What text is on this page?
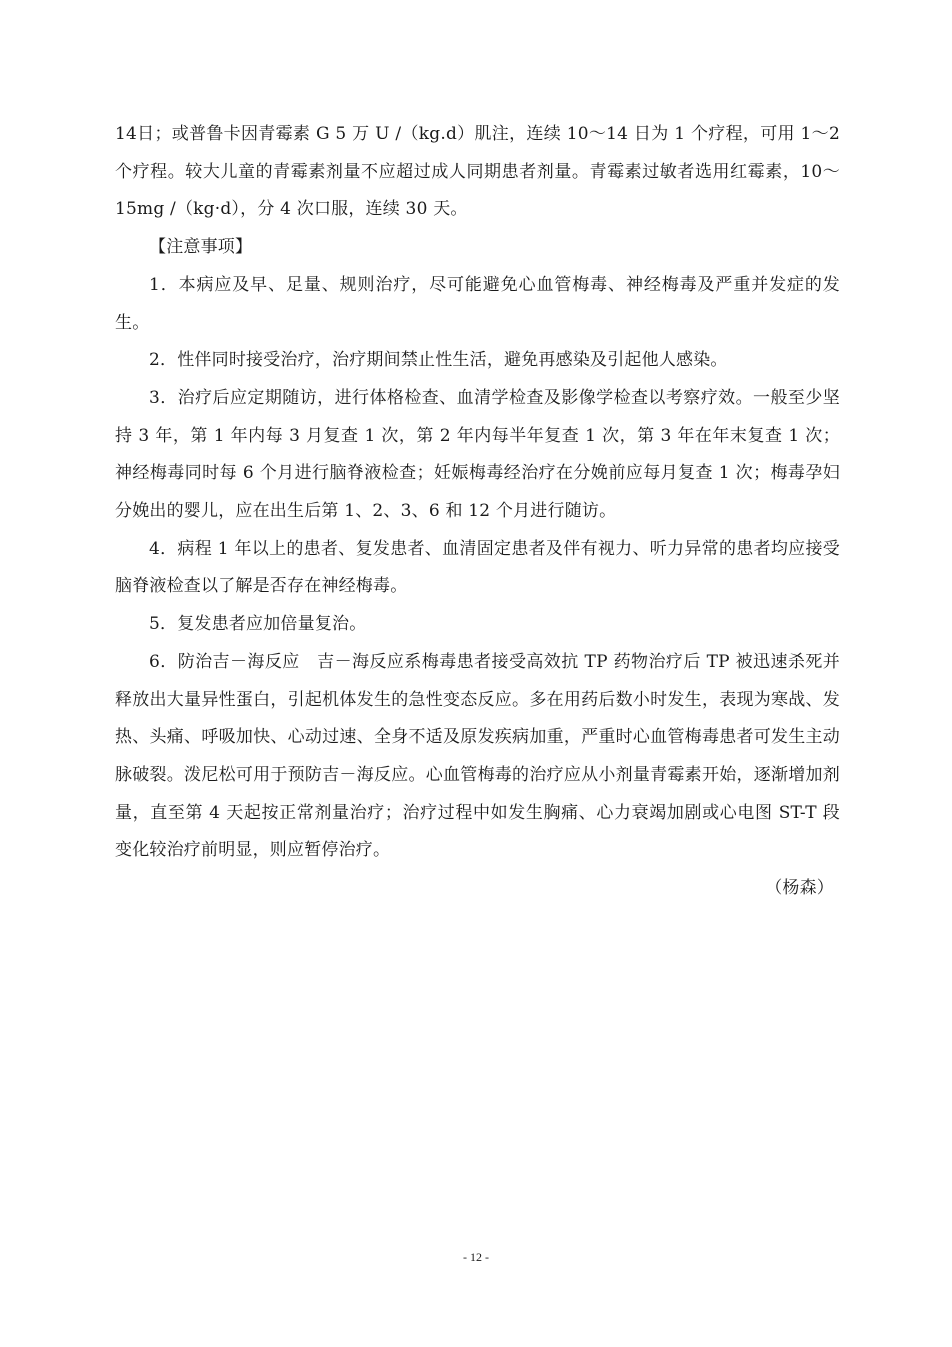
14日；或普鲁卡因青霉素 G 5 万 U /（kg.d）肌注，连续 10～14 日为 1 个疗程，可用 1～2 个疗程。较大儿童的青霉素剂量不应超过成人同期患者剂量。青霉素过敏者选用红霉素，10～15mg /（kg·d），分 4 次口服，连续 30 天。

【注意事项】

1．本病应及早、足量、规则治疗，尽可能避免心血管梅毒、神经梅毒及严重并发症的发生。

2．性伴同时接受治疗，治疗期间禁止性生活，避免再感染及引起他人感染。

3．治疗后应定期随访，进行体格检查、血清学检查及影像学检查以考察疗效。一般至少坚持 3 年，第 1 年内每 3 月复查 1 次，第 2 年内每半年复查 1 次，第 3 年在年末复查 1 次；神经梅毒同时每 6 个月进行脑脊液检查；妊娠梅毒经治疗在分娩前应每月复查 1 次；梅毒孕妇分娩出的婴儿，应在出生后第 1、2、3、6 和 12 个月进行随访。

4．病程 1 年以上的患者、复发患者、血清固定患者及伴有视力、听力异常的患者均应接受脑脊液检查以了解是否存在神经梅毒。

5．复发患者应加倍量复治。

6．防治吉－海反应　吉－海反应系梅毒患者接受高效抗 TP 药物治疗后 TP 被迅速杀死并释放出大量异性蛋白，引起机体发生的急性变态反应。多在用药后数小时发生，表现为寒战、发热、头痛、呼吸加快、心动过速、全身不适及原发疾病加重，严重时心血管梅毒患者可发生主动脉破裂。泼尼松可用于预防吉－海反应。心血管梅毒的治疗应从小剂量青霉素开始，逐渐增加剂量，直至第 4 天起按正常剂量治疗；治疗过程中如发生胸痛、心力衰竭加剧或心电图 ST-T 段变化较治疗前明显，则应暂停治疗。

（杨森）

- 12 -
